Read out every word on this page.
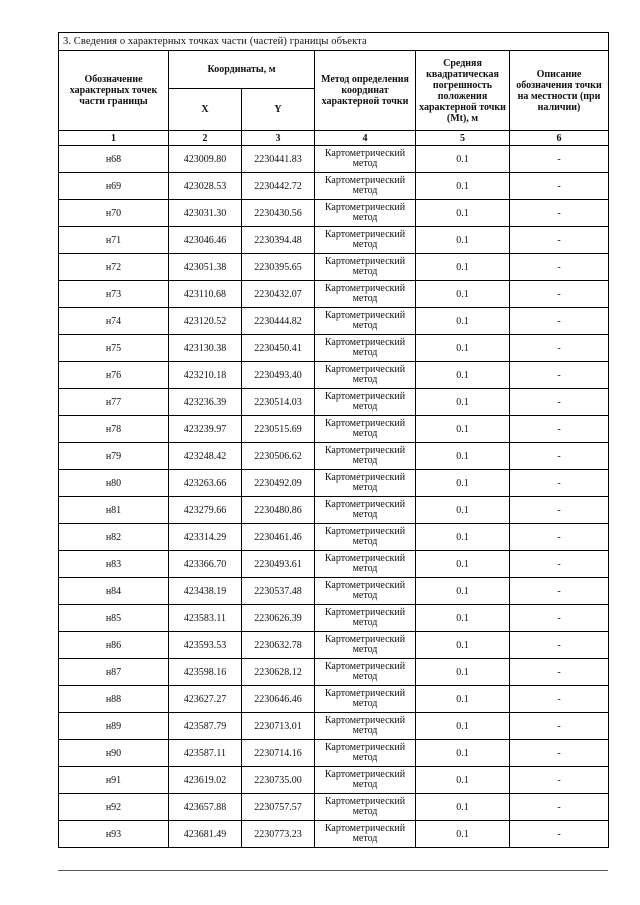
3. Сведения о характерных точках части (частей) границы объекта					
Обозначение характерных точек части границы	Координаты, м		Метод определения координат характерной точки	Средняя квадратическая погрешность положения характерной точки (Mt), м	Описание обозначения точки на местности (при наличии)
	X	Y			
1	2	3	4	5	6
н68	423009.80	2230441.83	Картометрический метод	0.1	-
н69	423028.53	2230442.72	Картометрический метод	0.1	-
н70	423031.30	2230430.56	Картометрический метод	0.1	-
н71	423046.46	2230394.48	Картометрический метод	0.1	-
н72	423051.38	2230395.65	Картометрический метод	0.1	-
н73	423110.68	2230432.07	Картометрический метод	0.1	-
н74	423120.52	2230444.82	Картометрический метод	0.1	-
н75	423130.38	2230450.41	Картометрический метод	0.1	-
н76	423210.18	2230493.40	Картометрический метод	0.1	-
н77	423236.39	2230514.03	Картометрический метод	0.1	-
н78	423239.97	2230515.69	Картометрический метод	0.1	-
н79	423248.42	2230506.62	Картометрический метод	0.1	-
н80	423263.66	2230492.09	Картометрический метод	0.1	-
н81	423279.66	2230480.86	Картометрический метод	0.1	-
н82	423314.29	2230461.46	Картометрический метод	0.1	-
н83	423366.70	2230493.61	Картометрический метод	0.1	-
н84	423438.19	2230537.48	Картометрический метод	0.1	-
н85	423583.11	2230626.39	Картометрический метод	0.1	-
н86	423593.53	2230632.78	Картометрический метод	0.1	-
н87	423598.16	2230628.12	Картометрический метод	0.1	-
н88	423627.27	2230646.46	Картометрический метод	0.1	-
н89	423587.79	2230713.01	Картометрический метод	0.1	-
н90	423587.11	2230714.16	Картометрический метод	0.1	-
н91	423619.02	2230735.00	Картометрический метод	0.1	-
н92	423657.88	2230757.57	Картометрический метод	0.1	-
н93	423681.49	2230773.23	Картометрический метод	0.1	-
